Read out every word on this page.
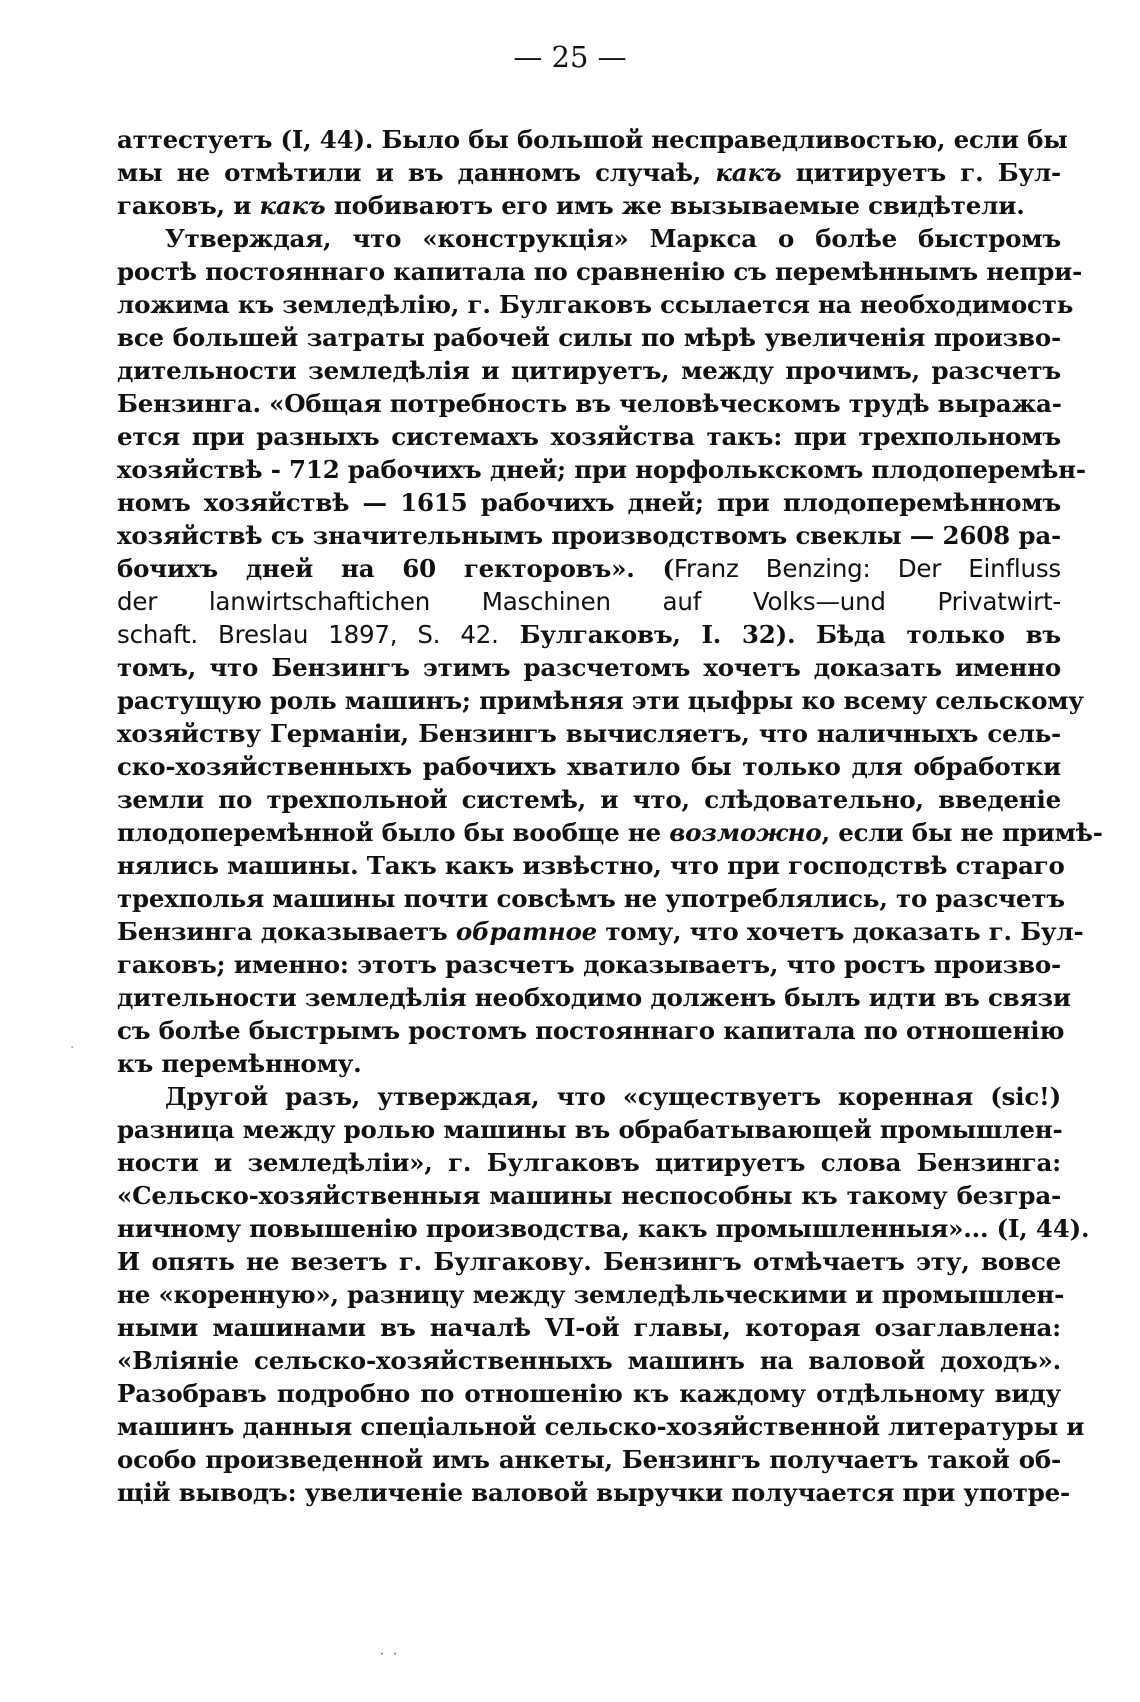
— 25 —
аттестуетъ (I, 44). Было бы большой несправедливостью, если бы
мы не отмѣтили и въ данномъ случаѣ, какъ цитируетъ г. Бул-
гаковъ, и какъ побиваютъ его имъ же вызываемые свидѣтели.
Утверждая, что «конструкція» Маркса о болѣе быстромъ
ростѣ постояннаго капитала по сравненію съ перемѣннымъ непри-
ложима къ земледѣлію, г. Булгаковъ ссылается на необходимость
все большей затраты рабочей силы по мѣрѣ увеличенія произво-
дительности земледѣлія и цитируетъ, между прочимъ, разсчетъ
Бензинга. «Общая потребность въ человѣческомъ трудѣ выража-
ется при разныхъ системахъ хозяйства такъ: при трехпольномъ
хозяйствѣ - 712 рабочихъ дней; при норфолькскомъ плодоперемѣн-
номъ хозяйствѣ — 1615 рабочихъ дней; при плодоперемѣнномъ
хозяйствѣ съ значительнымъ производствомъ свеклы — 2608 ра-
бочихъ дней на 60 гекторовъ». (Franz Benzing: Der Einfluss
der lanwirtschaftichen Maschinen auf Volks—und Privatwirt-
schaft. Breslau 1897, S. 42. Булгаковъ, I. 32). Бѣда только въ
томъ, что Бензингъ этимъ разсчетомъ хочетъ доказать именно
растущую роль машинъ; примѣняя эти цыфры ко всему сельскому
хозяйству Германіи, Бензингъ вычисляетъ, что наличныхъ сель-
ско-хозяйственныхъ рабочихъ хватило бы только для обработки
земли по трехпольной системѣ, и что, слѣдовательно, введеніе
плодоперемѣнной было бы вообще не возможно, если бы не примѣ-
нялись машины. Такъ какъ извѣстно, что при господствѣ стараго
трехполья машины почти совсѣмъ не употреблялись, то разсчетъ
Бензинга доказываетъ обратное тому, что хочетъ доказать г. Бул-
гаковъ; именно: этотъ разсчетъ доказываетъ, что ростъ произво-
дительности земледѣлія необходимо долженъ былъ идти въ связи
съ болѣе быстрымъ ростомъ постояннаго капитала по отношенію
къ перемѣнному.
Другой разъ, утверждая, что «существуетъ коренная (sic!)
разница между ролью машины въ обрабатывающей промышлен-
ности и земледѣліи», г. Булгаковъ цитируетъ слова Бензинга:
«Сельско-хозяйственныя машины неспособны къ такому безгра-
ничному повышенію производства, какъ промышленныя»... (I, 44).
И опять не везетъ г. Булгакову. Бензингъ отмѣчаетъ эту, вовсе
не «коренную», разницу между земледѣльческими и промышлен-
ными машинами въ началѣ VI-ой главы, которая озаглавлена:
«Вліяніе сельско-хозяйственныхъ машинъ на валовой доходъ».
Разобравъ подробно по отношенію къ каждому отдѣльному виду
машинъ данныя спеціальной сельско-хозяйственной литературы и
особо произведенной имъ анкеты, Бензингъ получаетъ такой об-
щій выводъ: увеличеніе валовой выручки получается при употре-
˙ ˙
·
